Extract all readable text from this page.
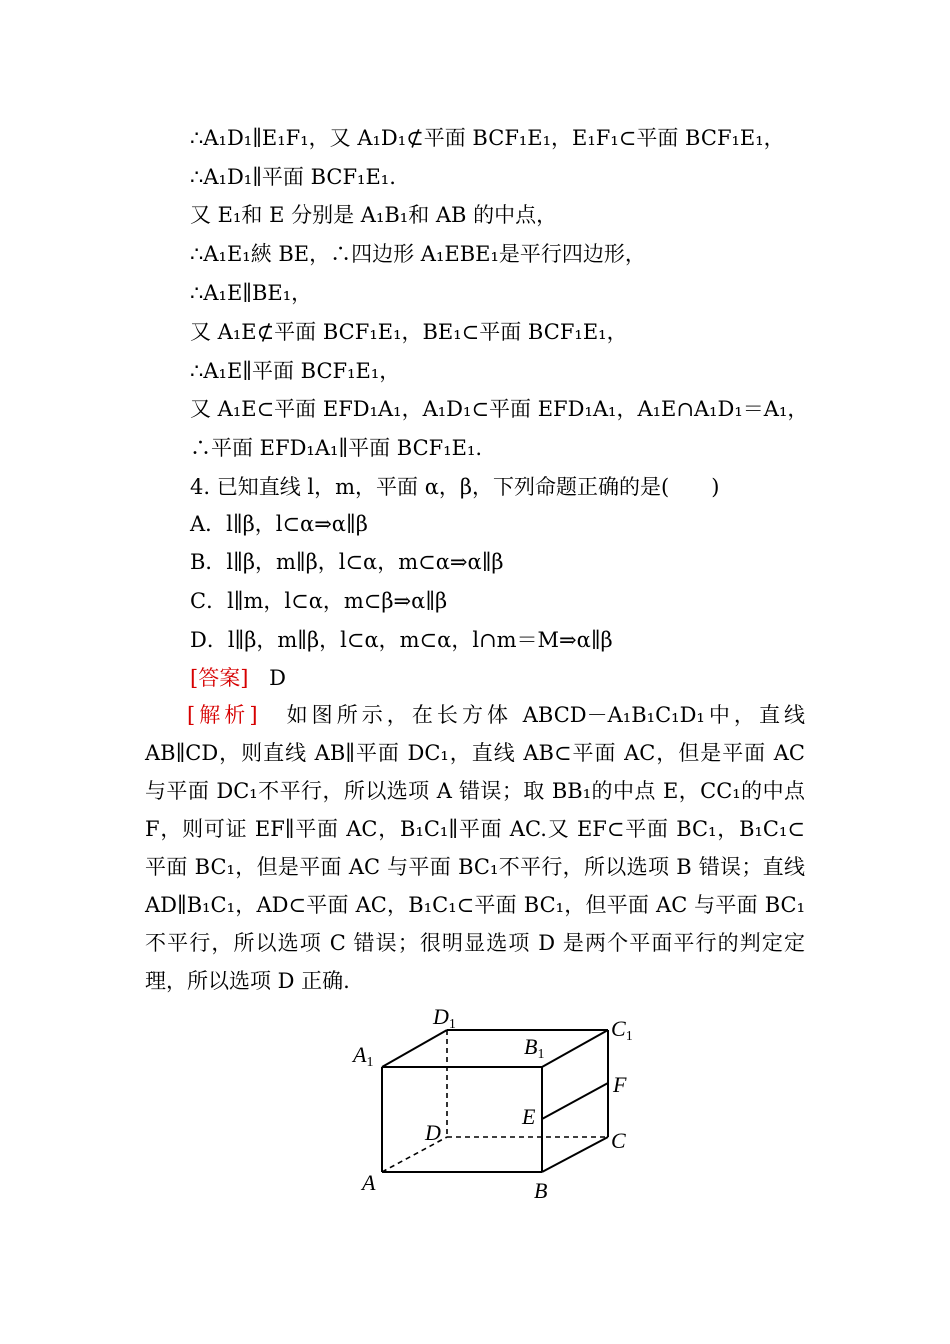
∴A₁D₁∥E₁F₁，又 A₁D₁⊄平面 BCF₁E₁，E₁F₁⊂平面 BCF₁E₁，
∴A₁D₁∥平面 BCF₁E₁.
又 E₁和 E 分别是 A₁B₁和 AB 的中点，
∴A₁E₁綊 BE，∴四边形 A₁EBE₁是平行四边形，
∴A₁E∥BE₁，
又 A₁E⊄平面 BCF₁E₁，BE₁⊂平面 BCF₁E₁，
∴A₁E∥平面 BCF₁E₁，
又 A₁E⊂平面 EFD₁A₁，A₁D₁⊂平面 EFD₁A₁，A₁E∩A₁D₁＝A₁，
∴平面 EFD₁A₁∥平面 BCF₁E₁.
4. 已知直线 l，m，平面 α，β，下列命题正确的是(　　)
A．l∥β，l⊂α⇒α∥β
B．l∥β，m∥β，l⊂α，m⊂α⇒α∥β
C．l∥m，l⊂α，m⊂β⇒α∥β
D．l∥β，m∥β，l⊂α，m⊂α，l∩m＝M⇒α∥β
[答案] D
[解析]　 如图所示，在长方体 ABCD－A₁B₁C₁D₁中，直线 AB∥CD，则直线 AB∥平面 DC₁，直线 AB⊂平面 AC，但是平面 AC 与平面 DC₁不平行，所以选项 A 错误；取 BB₁的中点 E，CC₁的中点 F，则可证 EF∥平面 AC，B₁C₁∥平面 AC.又 EF⊂平面 BC₁，B₁C₁⊂平面 BC₁，但是平面 AC 与平面 BC₁不平行，所以选项 B 错误；直线 AD∥B₁C₁，AD⊂平面 AC，B₁C₁⊂平面 BC₁，但平面 AC 与平面 BC₁不平行，所以选项 C 错误；很明显选项 D 是两个平面平行的判定定理，所以选项 D 正确.
D1	C1
A1
B1
F
E
D	C
A	B
